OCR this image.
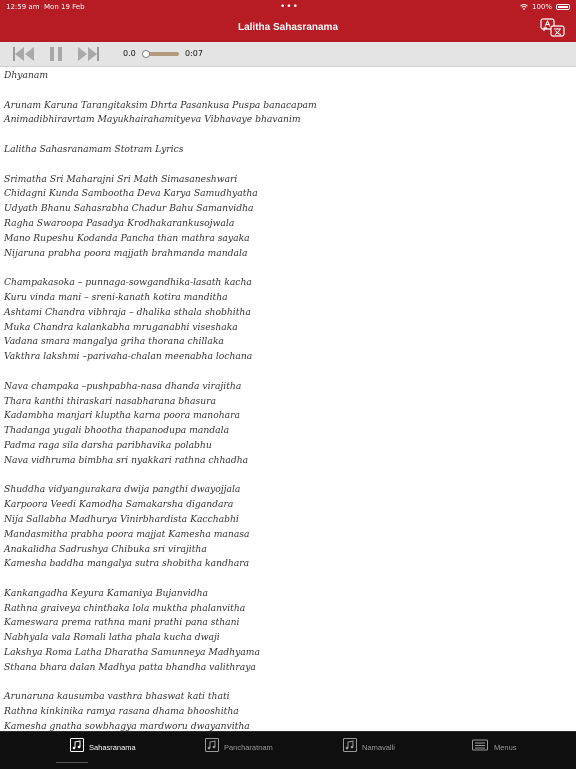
12:59 am Mon 19 Feb	•••	100%
Lalitha Sahasranama
0.0	0:07
Dhyanam
Arunam Karuna Tarangitaksim Dhrta Pasankusa Puspa banacapam
Animadibhiravrtam Mayukhairahamityeva Vibhavaye bhavanim
Lalitha Sahasranamam Stotram Lyrics
Srimatha Sri Maharajni Sri Math Simasaneshwari
Chidagni Kunda Sambootha Deva Karya Samudhyatha
Udyath Bhanu Sahasrabha Chadur Bahu Samanvidha
Ragha Swaroopa Pasadya Krodhakarankusojwala
Mano Rupeshu Kodanda Pancha than mathra sayaka
Nijaruna prabha poora majjath brahmanda mandala
Champakasoka – punnaga-sowgandhika-lasath kacha
Kuru vinda mani – sreni-kanath kotira manditha
Ashtami Chandra vibhraja – dhalika sthala shobhitha
Muka Chandra kalankabha mruganabhi viseshaka
Vadana smara mangalya griha thorana chillaka
Vakthra lakshmi –parivaha-chalan meenabha lochana
Nava champaka –pushpabha-nasa dhanda virajitha
Thara kanthi thiraskari nasabharana bhasura
Kadambha manjari kluptha karna poora manohara
Thadanga yugali bhootha thapanodupa mandala
Padma raga sila darsha paribhavika polabhu
Nava vidhruma bimbha sri nyakkari rathna chhadha
Shuddha vidyangurakara dwija pangthi dwayojjala
Karpoora Veedi Kamodha Samakarsha digandara
Nija Sallabha Madhurya Vinirbhardista Kacchabhi
Mandasmitha prabha poora majjat Kamesha manasa
Anakalidha Sadrushya Chibuka sri virajitha
Kamesha baddha mangalya sutra shobitha kandhara
Kankangadha Keyura Kamaniya Bujanvidha
Rathna graiveya chinthaka lola muktha phalanvitha
Kameswara prema rathna mani prathi pana sthani
Nabhyala vala Romali latha phala kucha dwaji
Lakshya Roma Latha Dharatha Samunneya Madhyama
Sthana bhara dalan Madhya patta bhandha valithraya
Arunaruna kausumba vasthra bhaswat kati thati
Rathna kinkinika ramya rasana dhama bhooshitha
Kamesha gnatha sowbhagya mardworu dwayanvitha
Sahasranama	Pancharatnam	Namavalli	Menus
